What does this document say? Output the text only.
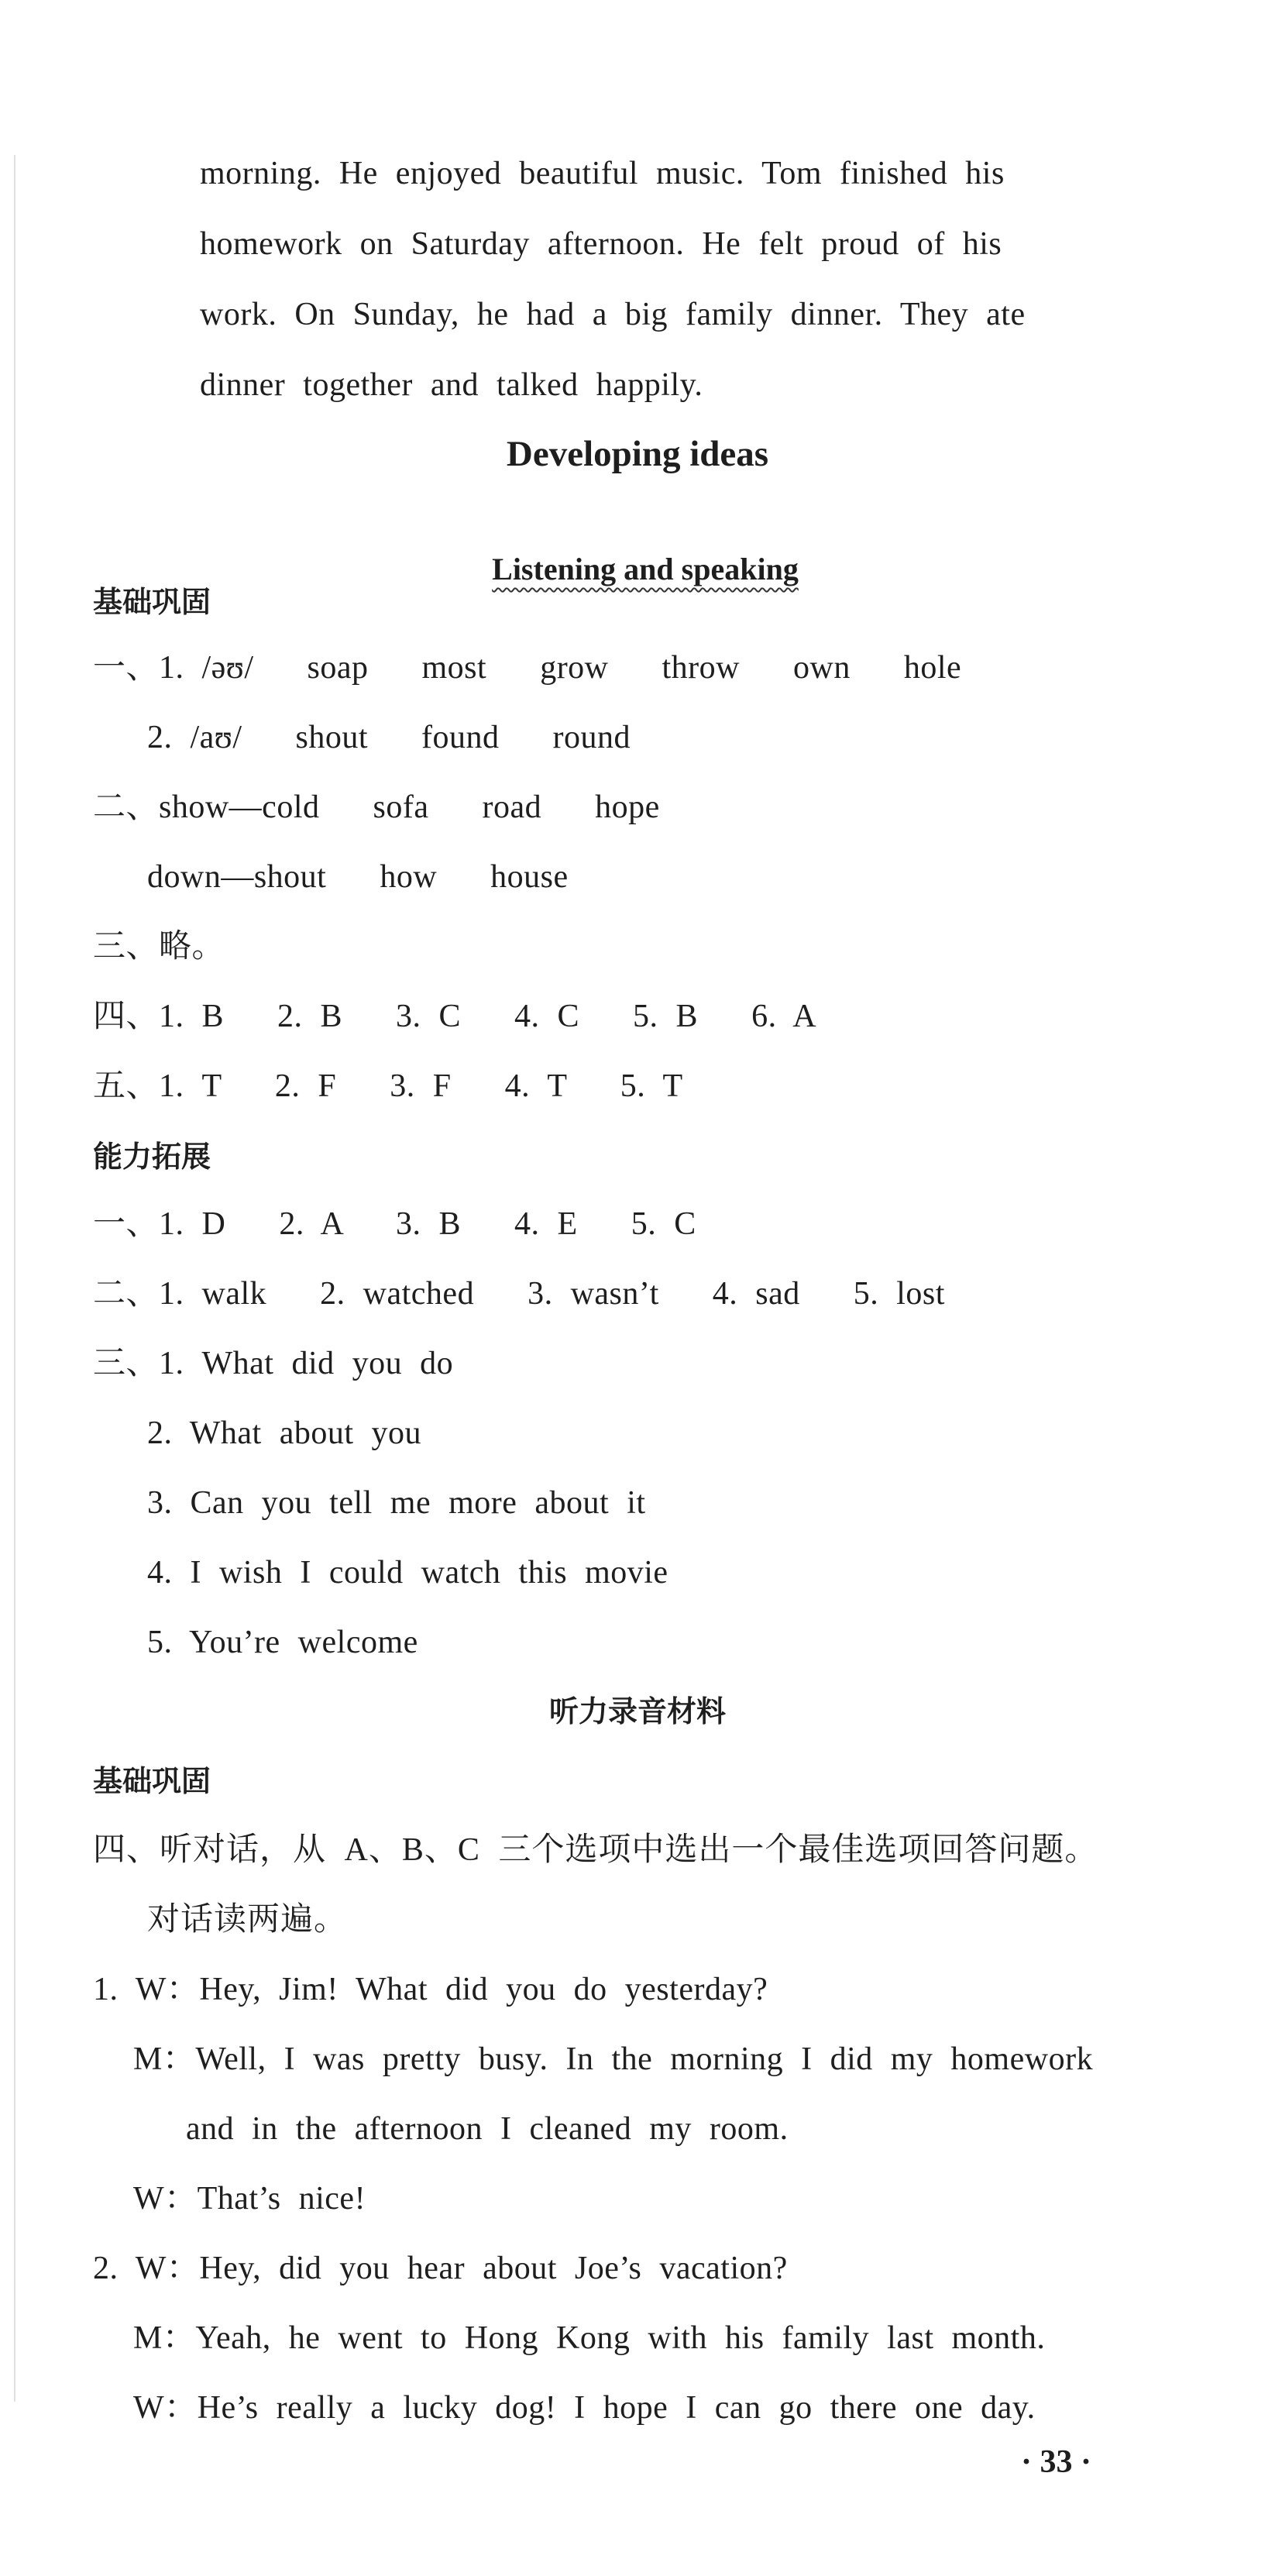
morning. He enjoyed beautiful music. Tom finished his
homework on Saturday afternoon. He felt proud of his
work. On Sunday, he had a big family dinner. They ate
dinner together and talked happily.
Developing ideas

Listening and speaking

基础巩固
一、1. /əʊ/   soap   most   grow   throw   own   hole
2. /aʊ/   shout   found   round
二、show—cold   sofa   road   hope
down—shout   how   house
三、略。
四、1. B   2. B   3. C   4. C   5. B   6. A
五、1. T   2. F   3. F   4. T   5. T
能力拓展
一、1. D   2. A   3. B   4. E   5. C
二、1. walk   2. watched   3. wasn’t   4. sad   5. lost
三、1. What did you do
2. What about you
3. Can you tell me more about it
4. I wish I could watch this movie
5. You’re welcome
听力录音材料
基础巩固
四、听对话，从 A、B、C 三个选项中选出一个最佳选项回答问题。
对话读两遍。
1. W：Hey, Jim! What did you do yesterday?
M：Well, I was pretty busy. In the morning I did my homework
and in the afternoon I cleaned my room.
W：That’s nice!
2. W：Hey, did you hear about Joe’s vacation?
M：Yeah, he went to Hong Kong with his family last month.
W：He’s really a lucky dog! I hope I can go there one day.
· 33 ·
